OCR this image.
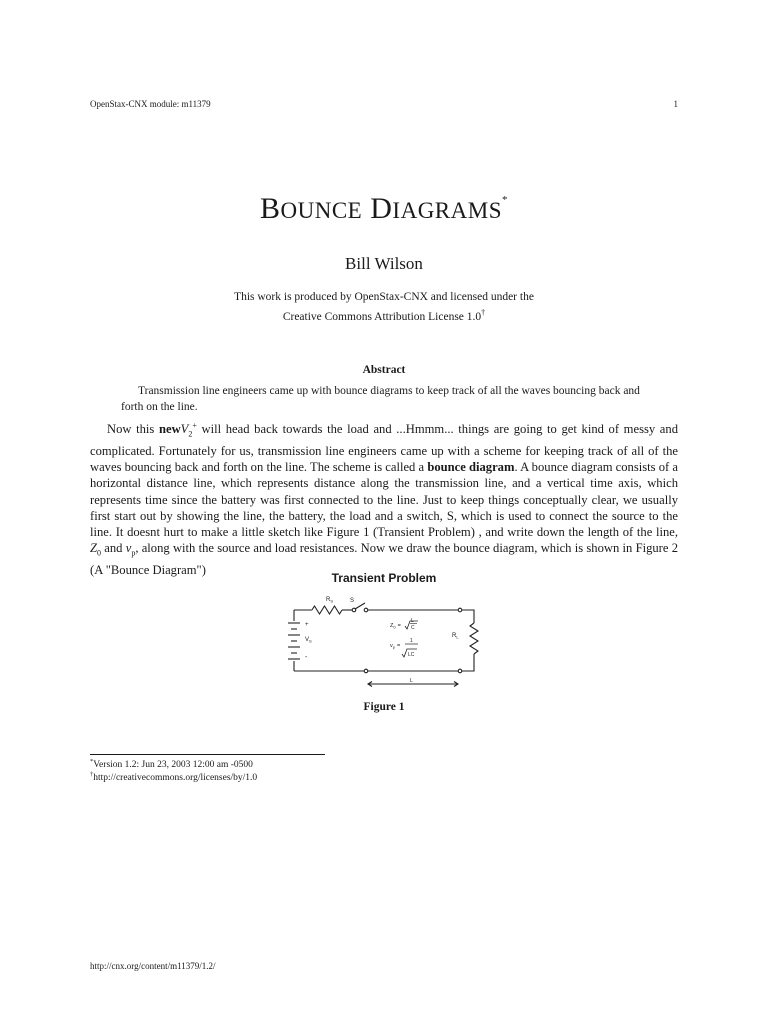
OpenStax-CNX module: m11379	1
BOUNCE DIAGRAMS*
Bill Wilson
This work is produced by OpenStax-CNX and licensed under the
Creative Commons Attribution License 1.0†
Abstract
Transmission line engineers came up with bounce diagrams to keep track of all the waves bouncing back and forth on the line.
Now this newV$_2$+ will head back towards the load and ...Hmmm... things are going to get kind of messy and complicated. Fortunately for us, transmission line engineers came up with a scheme for keeping track of all of the waves bouncing back and forth on the line. The scheme is called a bounce diagram. A bounce diagram consists of a horizontal distance line, which represents distance along the transmission line, and a vertical time axis, which represents time since the battery was first connected to the line. Just to keep things conceptually clear, we usually first start out by showing the line, the battery, the load and a switch, S, which is used to connect the source to the line. It doesnt hurt to make a little sketch like Figure 1 (Transient Problem) , and write down the length of the line, $Z_0$ and $v_p$, along with the source and load resistances. Now we draw the bounce diagram, which is shown in Figure 2 (A "Bounce Diagram")
Transient Problem
$R_S$	S
+
$V_S$
-
$Z_0$ =
L
C
$v_p$ =
1
LC
$R_L$
L
Figure 1
*Version 1.2: Jun 23, 2003 12:00 am -0500
†http://creativecommons.org/licenses/by/1.0
http://cnx.org/content/m11379/1.2/
